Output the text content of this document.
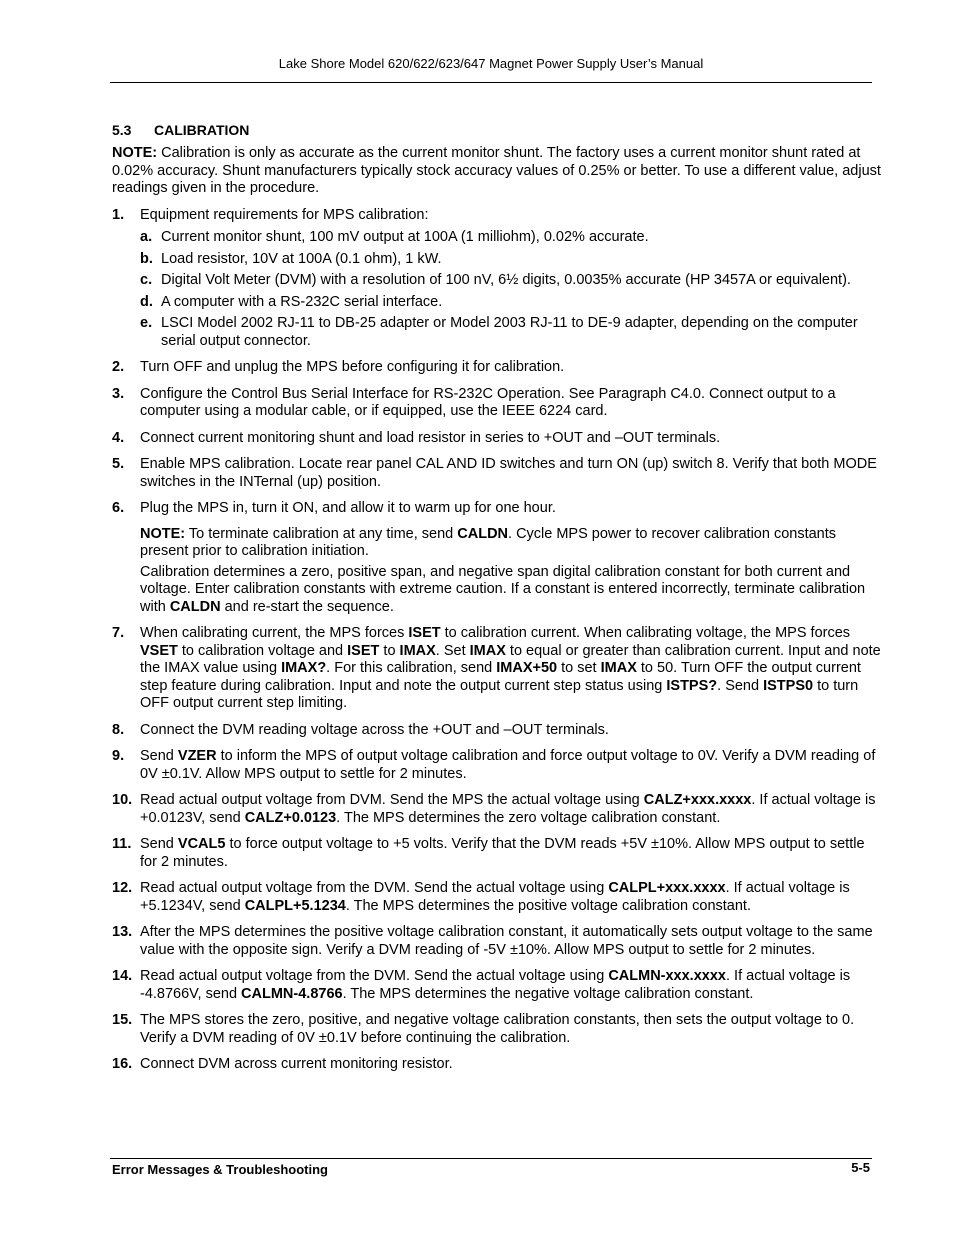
Lake Shore Model 620/622/623/647 Magnet Power Supply User’s Manual
5.3 CALIBRATION

NOTE: Calibration is only as accurate as the current monitor shunt. The factory uses a current monitor shunt rated at 0.02% accuracy. Shunt manufacturers typically stock accuracy values of 0.25% or better. To use a different value, adjust readings given in the procedure.

1. Equipment requirements for MPS calibration:
a. Current monitor shunt, 100 mV output at 100A (1 milliohm), 0.02% accurate.
b. Load resistor, 10V at 100A (0.1 ohm), 1 kW.
c. Digital Volt Meter (DVM) with a resolution of 100 nV, 6½ digits, 0.0035% accurate (HP 3457A or equivalent).
d. A computer with a RS-232C serial interface.
e. LSCI Model 2002 RJ-11 to DB-25 adapter or Model 2003 RJ-11 to DE-9 adapter, depending on the computer serial output connector.
2. Turn OFF and unplug the MPS before configuring it for calibration.
3. Configure the Control Bus Serial Interface for RS-232C Operation. See Paragraph C4.0. Connect output to a computer using a modular cable, or if equipped, use the IEEE 6224 card.
4. Connect current monitoring shunt and load resistor in series to +OUT and –OUT terminals.
5. Enable MPS calibration. Locate rear panel CAL AND ID switches and turn ON (up) switch 8. Verify that both MODE switches in the INTernal (up) position.
6. Plug the MPS in, turn it ON, and allow it to warm up for one hour.

NOTE: To terminate calibration at any time, send CALDN. Cycle MPS power to recover calibration constants present prior to calibration initiation.

Calibration determines a zero, positive span, and negative span digital calibration constant for both current and voltage. Enter calibration constants with extreme caution. If a constant is entered incorrectly, terminate calibration with CALDN and re-start the sequence.

7. When calibrating current, the MPS forces ISET to calibration current. When calibrating voltage, the MPS forces VSET to calibration voltage and ISET to IMAX. Set IMAX to equal or greater than calibration current. Input and note the IMAX value using IMAX?. For this calibration, send IMAX+50 to set IMAX to 50. Turn OFF the output current step feature during calibration. Input and note the output current step status using ISTPS?. Send ISTPS0 to turn OFF output current step limiting.
8. Connect the DVM reading voltage across the +OUT and –OUT terminals.
9. Send VZER to inform the MPS of output voltage calibration and force output voltage to 0V. Verify a DVM reading of 0V ±0.1V. Allow MPS output to settle for 2 minutes.
10. Read actual output voltage from DVM. Send the MPS the actual voltage using CALZ+xxx.xxxx. If actual voltage is +0.0123V, send CALZ+0.0123. The MPS determines the zero voltage calibration constant.
11. Send VCAL5 to force output voltage to +5 volts. Verify that the DVM reads +5V ±10%. Allow MPS output to settle for 2 minutes.
12. Read actual output voltage from the DVM. Send the actual voltage using CALPL+xxx.xxxx. If actual voltage is +5.1234V, send CALPL+5.1234. The MPS determines the positive voltage calibration constant.
13. After the MPS determines the positive voltage calibration constant, it automatically sets output voltage to the same value with the opposite sign. Verify a DVM reading of -5V ±10%. Allow MPS output to settle for 2 minutes.
14. Read actual output voltage from the DVM. Send the actual voltage using CALMN-xxx.xxxx. If actual voltage is -4.8766V, send CALMN-4.8766. The MPS determines the negative voltage calibration constant.
15. The MPS stores the zero, positive, and negative voltage calibration constants, then sets the output voltage to 0. Verify a DVM reading of 0V ±0.1V before continuing the calibration.
16. Connect DVM across current monitoring resistor.
Error Messages & Troubleshooting	5-5
